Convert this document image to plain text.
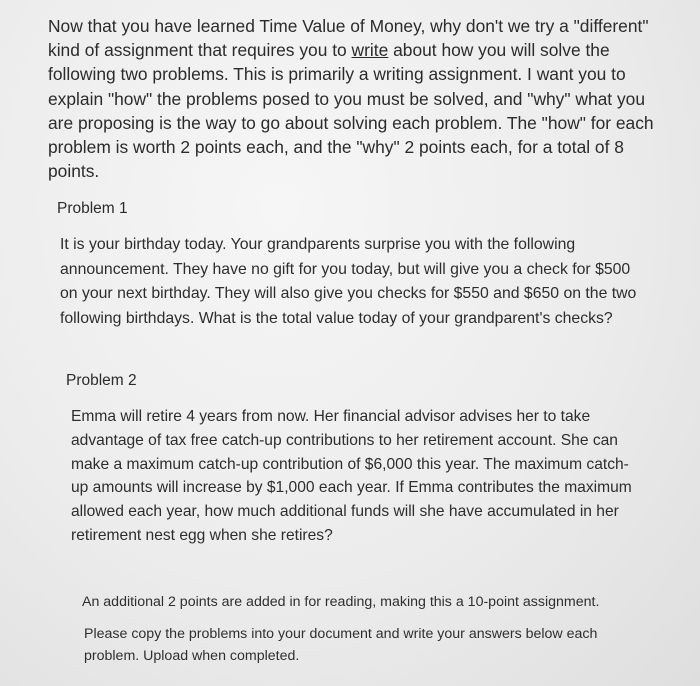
Now that you have learned Time Value of Money, why don't we try a "different" kind of assignment that requires you to write about how you will solve the following two problems. This is primarily a writing assignment. I want you to explain "how" the problems posed to you must be solved, and "why" what you are proposing is the way to go about solving each problem. The "how" for each problem is worth 2 points each, and the "why" 2 points each, for a total of 8 points.
Problem 1
It is your birthday today. Your grandparents surprise you with the following announcement. They have no gift for you today, but will give you a check for $500 on your next birthday. They will also give you checks for $550 and $650 on the two following birthdays. What is the total value today of your grandparent's checks?
Problem 2
Emma will retire 4 years from now. Her financial advisor advises her to take advantage of tax free catch-up contributions to her retirement account. She can make a maximum catch-up contribution of $6,000 this year. The maximum catch-up amounts will increase by $1,000 each year. If Emma contributes the maximum allowed each year, how much additional funds will she have accumulated in her retirement nest egg when she retires?
An additional 2 points are added in for reading, making this a 10-point assignment.
Please copy the problems into your document and write your answers below each problem. Upload when completed.
